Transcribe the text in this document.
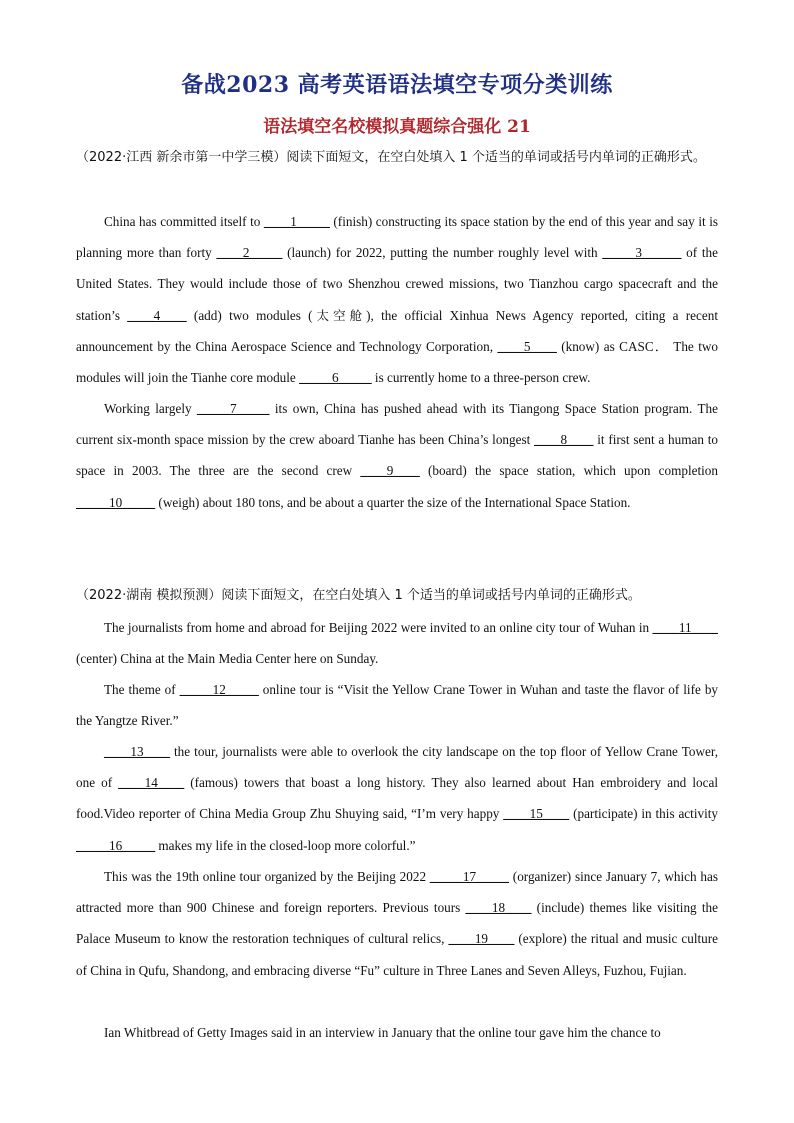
备战2023 高考英语语法填空专项分类训练
语法填空名校模拟真题综合强化 21
（2022·江西 新余市第一中学三模）阅读下面短文，在空白处填入 1 个适当的单词或括号内单词的正确形式。
China has committed itself to ____1_____ (finish) constructing its space station by the end of this year and say it is planning more than forty ____2_____ (launch) for 2022, putting the number roughly level with _____3______ of the United States. They would include those of two Shenzhou crewed missions, two Tianzhou cargo spacecraft and the station’s ____4____ (add) two modules (太空舱), the official Xinhua News Agency reported, citing a recent announcement by the China Aerospace Science and Technology Corporation, ____5____ (know) as CASC． The two modules will join the Tianhe core module _____6_____ is currently home to a three-person crew.
Working largely _____7_____ its own, China has pushed ahead with its Tiangong Space Station program. The current six-month space mission by the crew aboard Tianhe has been China’s longest ____8____ it first sent a human to space in 2003. The three are the second crew ____9____ (board) the space station, which upon completion _____10_____ (weigh) about 180 tons, and be about a quarter the size of the International Space Station.
（2022·湖南 模拟预测）阅读下面短文，在空白处填入 1 个适当的单词或括号内单词的正确形式。
The journalists from home and abroad for Beijing 2022 were invited to an online city tour of Wuhan in ____11____ (center) China at the Main Media Center here on Sunday.
The theme of _____12_____ online tour is “Visit the Yellow Crane Tower in Wuhan and taste the flavor of life by the Yangtze River.”
____13____ the tour, journalists were able to overlook the city landscape on the top floor of Yellow Crane Tower, one of ____14____ (famous) towers that boast a long history. They also learned about Han embroidery and local food.Video reporter of China Media Group Zhu Shuying said, “I’m very happy ____15____ (participate) in this activity _____16_____ makes my life in the closed-loop more colorful.”
This was the 19th online tour organized by the Beijing 2022 _____17_____ (organizer) since January 7, which has attracted more than 900 Chinese and foreign reporters. Previous tours ____18____ (include) themes like visiting the Palace Museum to know the restoration techniques of cultural relics, ____19____ (explore) the ritual and music culture of China in Qufu, Shandong, and embracing diverse “Fu” culture in Three Lanes and Seven Alleys, Fuzhou, Fujian.
Ian Whitbread of Getty Images said in an interview in January that the online tour gave him the chance to
